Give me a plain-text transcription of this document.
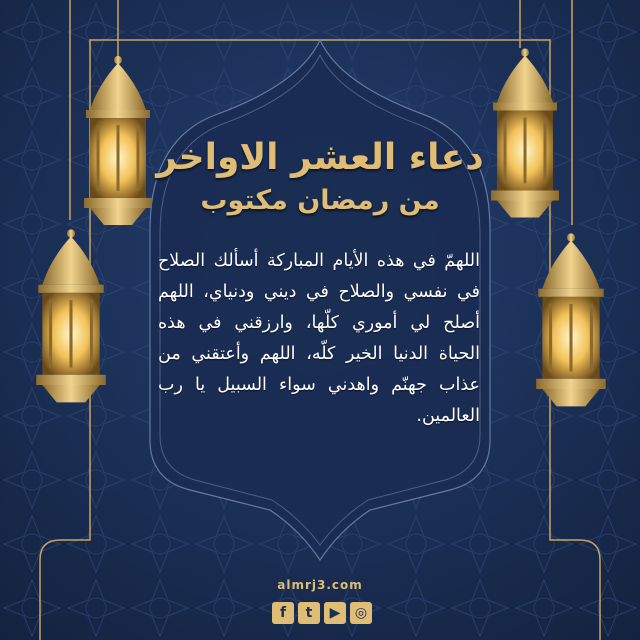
دعاء العشر الاواخر
من رمضان مكتوب

اللهمّ في هذه الأيام المباركة أسألك الصلاح في نفسي والصلاح في ديني ودنياي، اللهم أصلح لي أموري كلّها، وارزقني في هذه الحياة الدنيا الخير كلّه، اللهم وأعتقني من عذاب جهنّم واهدني سواء السبيل يا رب العالمين.

almrj3.com
f	t	▶	◎
